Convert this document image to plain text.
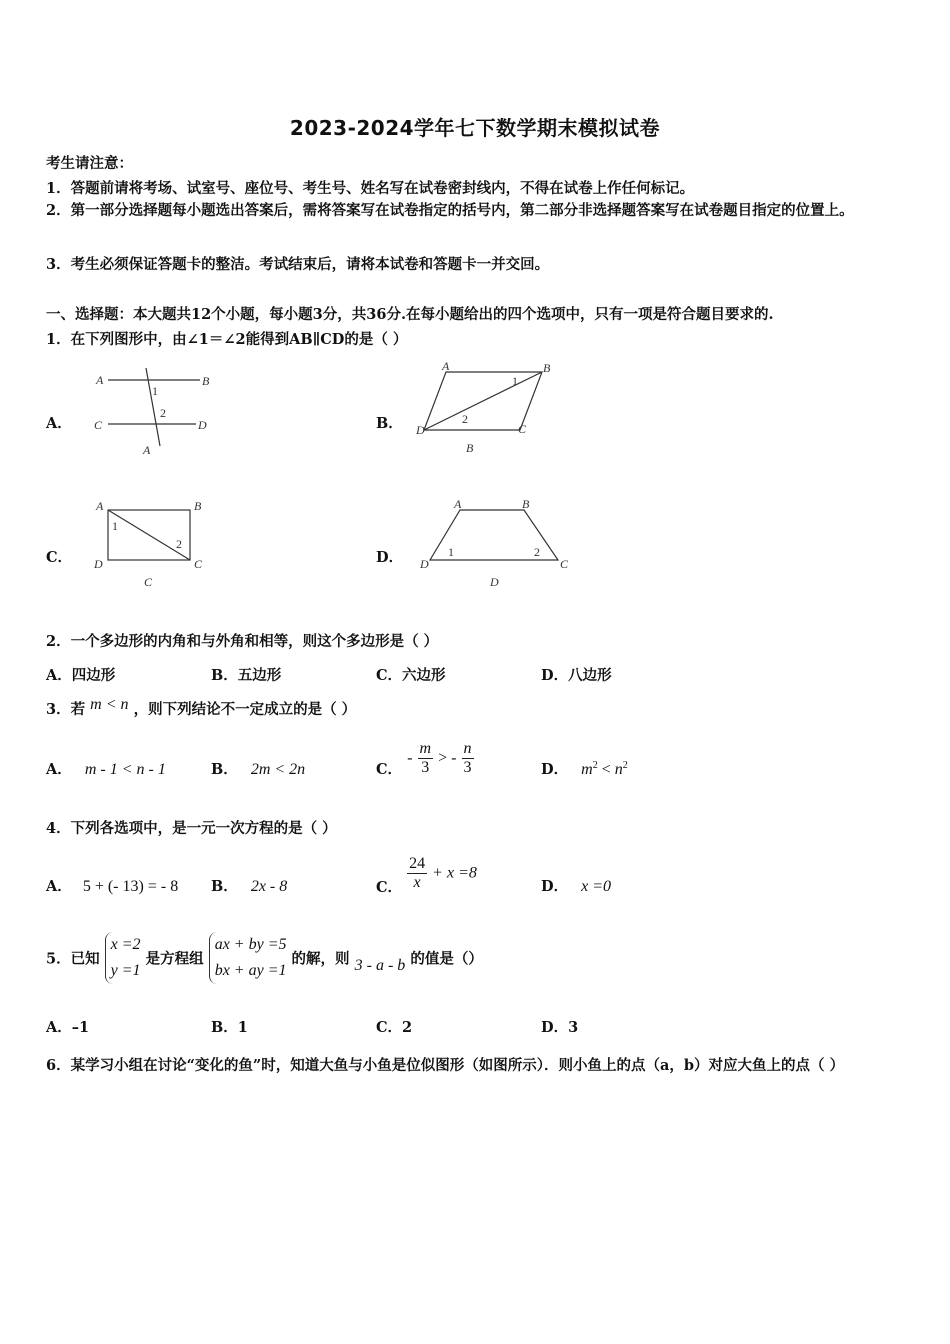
2023-2024学年七下数学期末模拟试卷
考生请注意：
1．答题前请将考场、试室号、座位号、考生号、姓名写在试卷密封线内，不得在试卷上作任何标记。
2．第一部分选择题每小题选出答案后，需将答案写在试卷指定的括号内，第二部分非选择题答案写在试卷题目指定的位置上。
3．考生必须保证答题卡的整洁。考试结束后，请将本试卷和答题卡一并交回。
一、选择题：本大题共12个小题，每小题3分，共36分.在每小题给出的四个选项中，只有一项是符合题目要求的.
1．在下列图形中，由∠1＝∠2能得到AB∥CD的是（ ）
A．
A	B
C	D
1
2
A
B．
A	B
C
D
1
2
B
C．
A	B
C
D
1
2
C
D．
A	B
C
D
1	2
D
2．一个多边形的内角和与外角和相等，则这个多边形是（ ）
A．四边形	B．五边形	C．六边形	D．八边形
3．若 m < n ，则下列结论不一定成立的是（ ）
A． m - 1 < n - 1	B． 2m < 2n	C． - $\frac{m}{3}$ > - $\frac{n}{3}$	D． $m^2 < n^2$
4．下列各选项中，是一元一次方程的是（ ）
A． 5 + (- 13) = - 8 B． 2x - 8	C． $\frac{24}{x} + x =8$
D． x =0
5．已知
x =2
y =1
是方程组
ax + by =5
bx + ay =1
的解，则 3 - a - b 的值是（）
A．–1	B．1	C．2	D．3
6．某学习小组在讨论“变化的鱼”时，知道大鱼与小鱼是位似图形（如图所示）．则小鱼上的点（a，b）对应大鱼上的点（ ）
